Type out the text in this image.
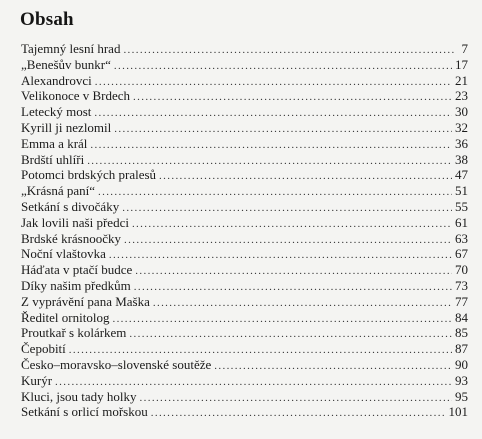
Obsah
Tajemný lesní hrad .....	7
„Benešův bunkr“ .....	17
Alexandrovci .....	21
Velikonoce v Brdech .....	23
Letecký most .....	30
Kyrill ji nezlomil .....	32
Emma a král .....	36
Brdští uhlíři .....	38
Potomci brdských pralesů .....	47
„Krásná paní“ .....	51
Setkání s divočáky .....	55
Jak lovili naši předci .....	61
Brdské krásnoočky .....	63
Noční vlaštovka .....	67
Háďata v ptačí budce .....	70
Díky našim předkům .....	73
Z vyprávění pana Maška .....	77
Ředitel ornitolog .....	84
Proutkař s kolárkem .....	85
Čepobití .....	87
Česko–moravsko–slovenské soutěže .....	90
Kurýr .....	93
Kluci, jsou tady holky .....	95
Setkání s orlicí mořskou .....	101
